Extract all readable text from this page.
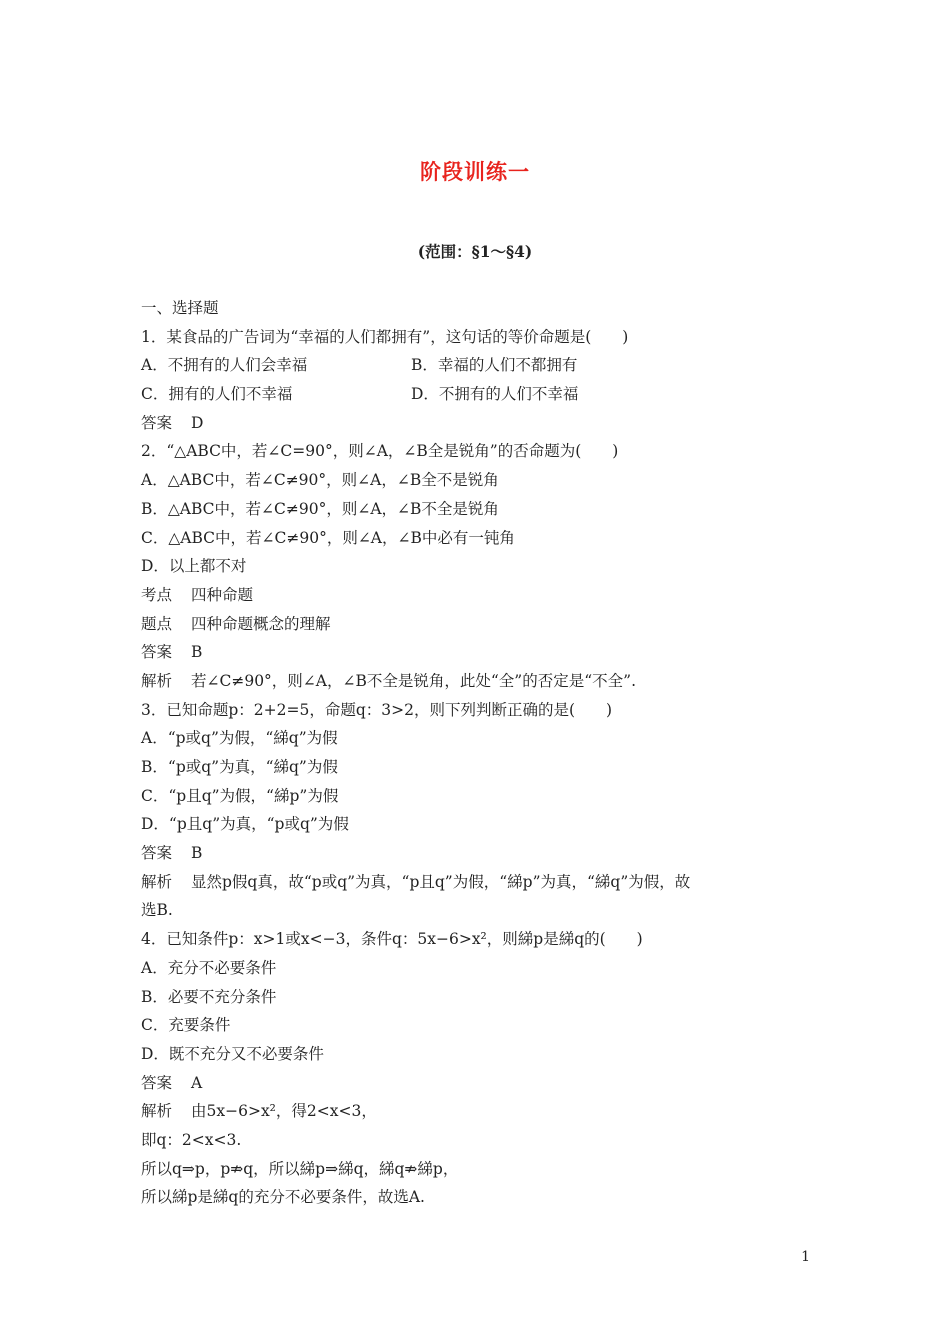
阶段训练一
(范围：§1～§4)
一、选择题
1．某食品的广告词为“幸福的人们都拥有”，这句话的等价命题是(　　)
A．不拥有的人们会幸福	B．幸福的人们不都拥有
C．拥有的人们不幸福	D．不拥有的人们不幸福
答案 D
2．“△ABC中，若∠C=90°，则∠A，∠B全是锐角”的否命题为(　　)
A．△ABC中，若∠C≠90°，则∠A，∠B全不是锐角
B．△ABC中，若∠C≠90°，则∠A，∠B不全是锐角
C．△ABC中，若∠C≠90°，则∠A，∠B中必有一钝角
D．以上都不对
考点 四种命题
题点 四种命题概念的理解
答案 B
解析 若∠C≠90°，则∠A，∠B不全是锐角，此处“全”的否定是“不全”.
3．已知命题p：2+2=5，命题q：3>2，则下列判断正确的是(　　)
A．“p或q”为假，“綈q”为假
B．“p或q”为真，“綈q”为假
C．“p且q”为假，“綈p”为假
D．“p且q”为真，“p或q”为假
答案 B
解析 显然p假q真，故“p或q”为真，“p且q”为假，“綈p”为真，“綈q”为假，故
选B.
4．已知条件p：x>1或x<−3，条件q：5x−6>x²，则綈p是綈q的(　　)
A．充分不必要条件
B．必要不充分条件
C．充要条件
D．既不充分又不必要条件
答案 A
解析 由5x−6>x²，得2<x<3，
即q：2<x<3.
所以q⇒p，p⇏q，所以綈p⇒綈q，綈q⇏綈p，
所以綈p是綈q的充分不必要条件，故选A.
1
